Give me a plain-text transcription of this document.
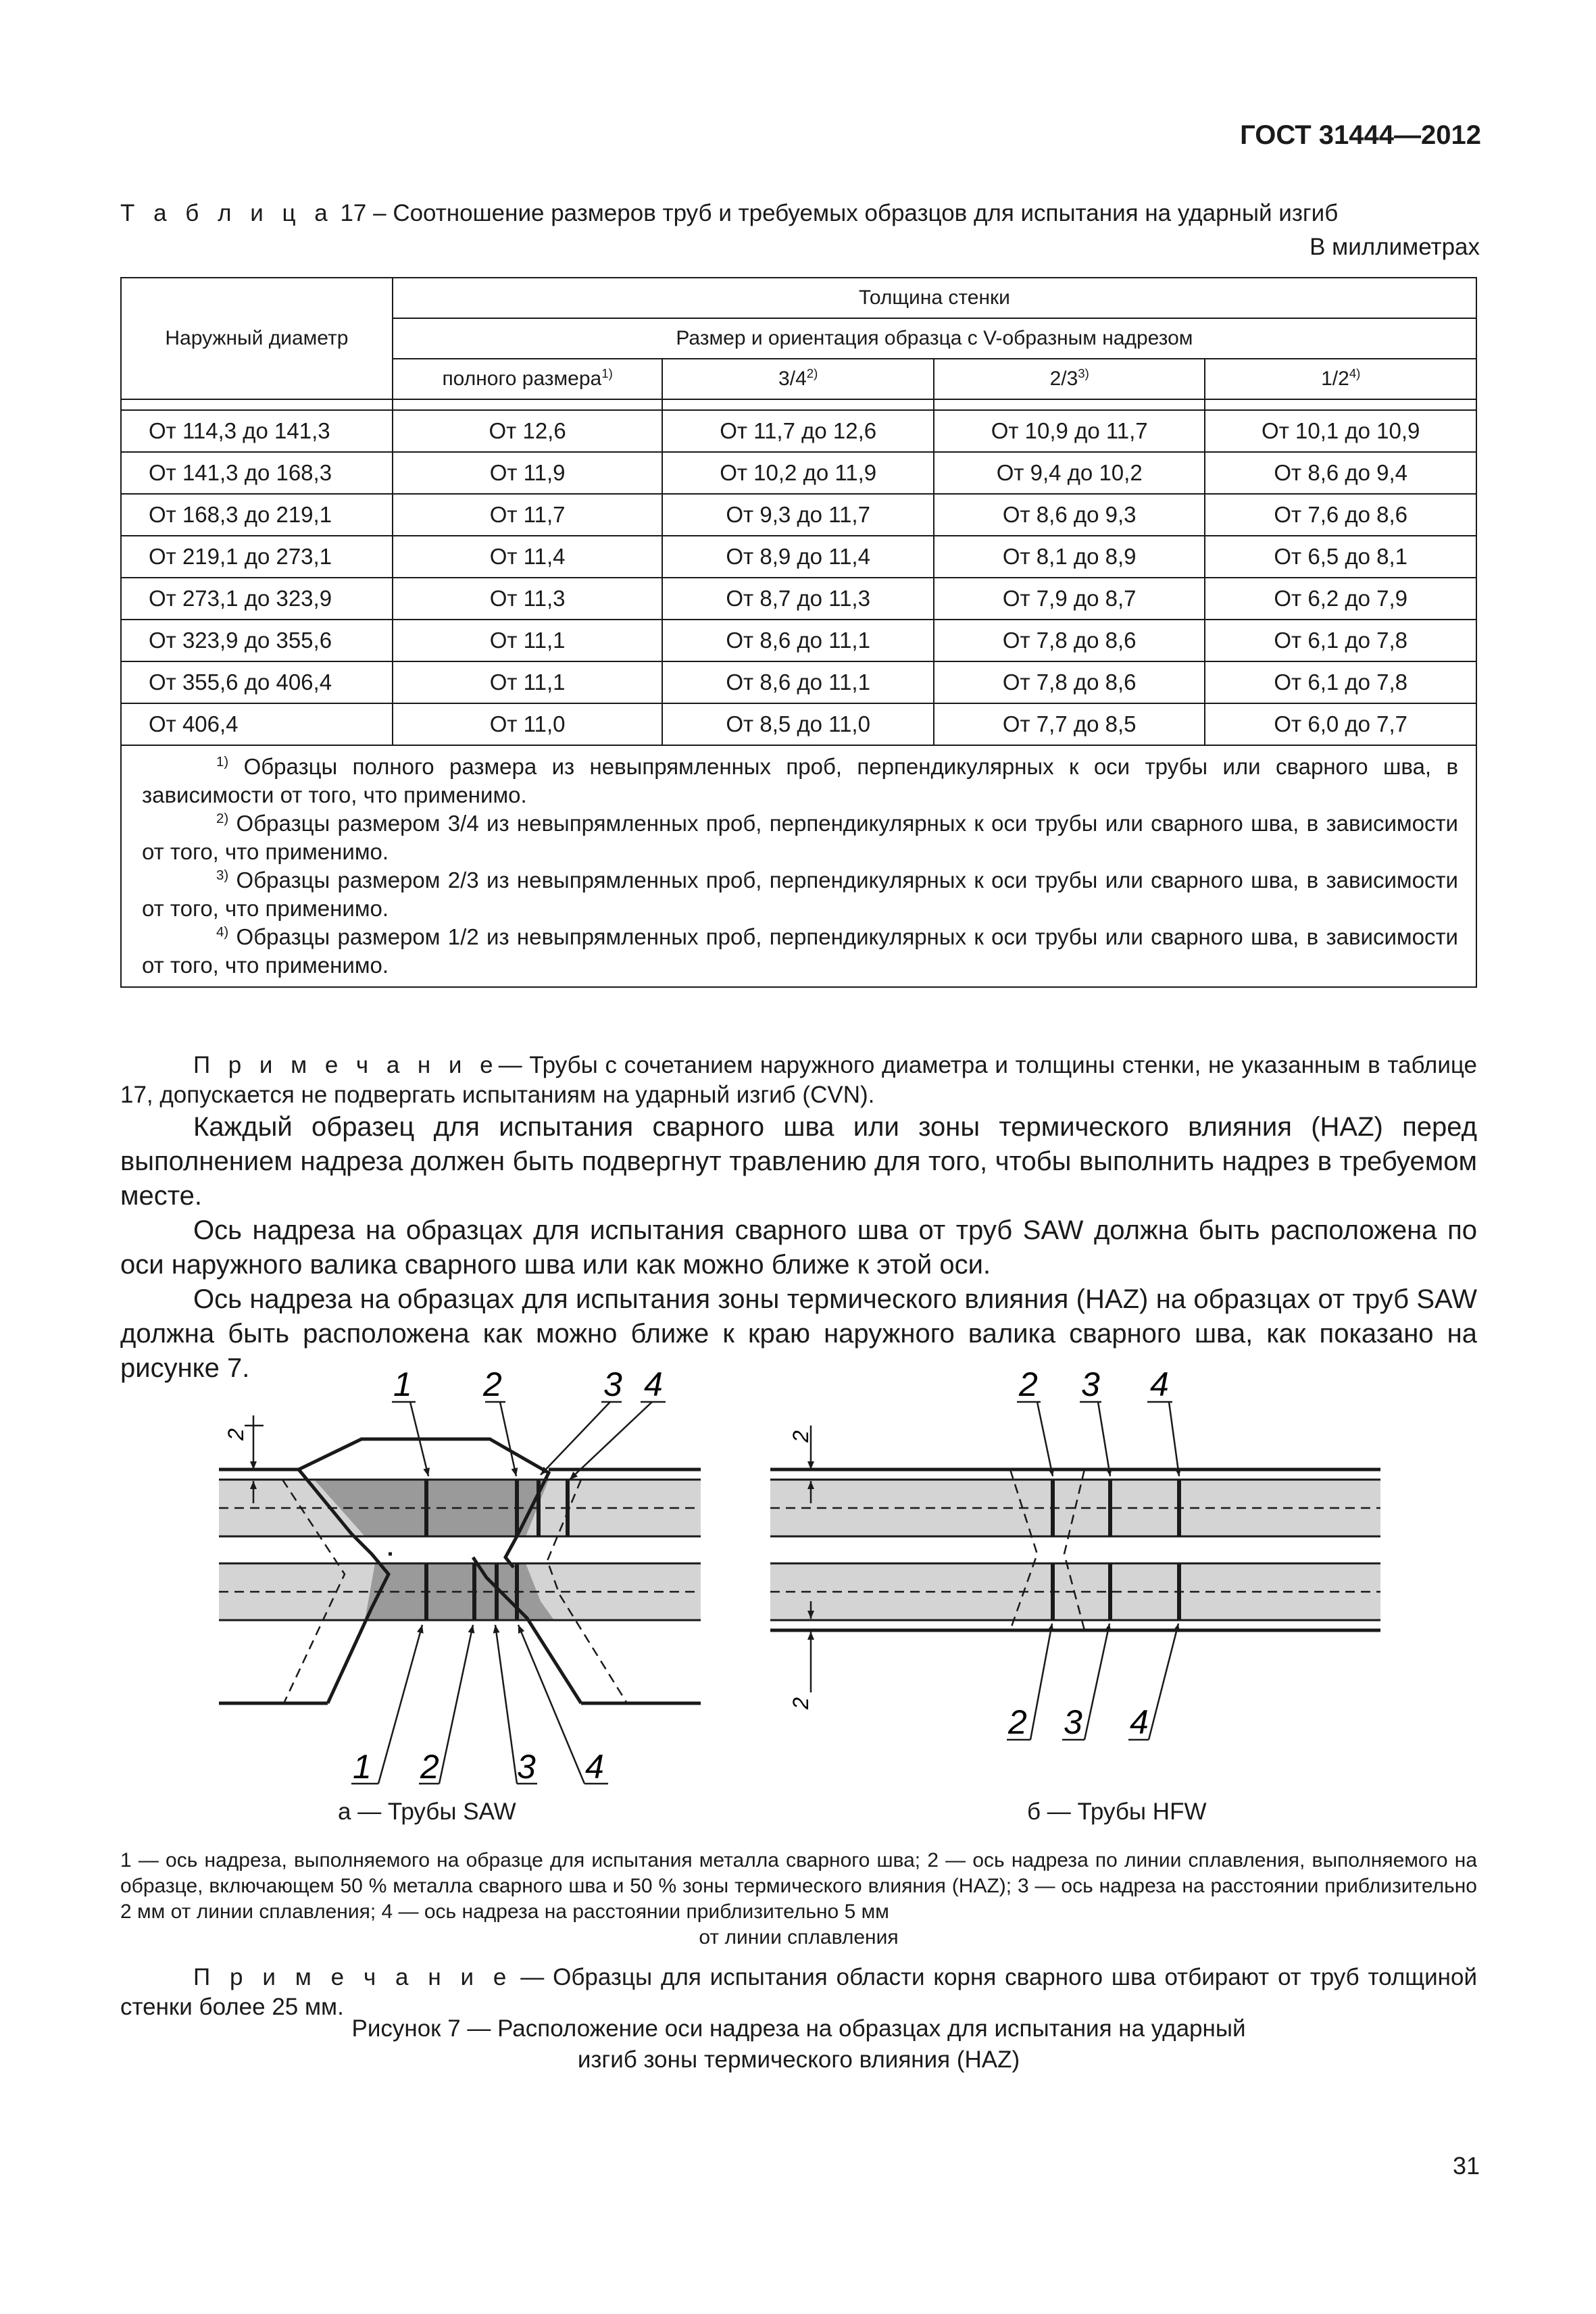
ГОСТ 31444—2012
Т а б л и ц а 17 – Соотношение размеров труб и требуемых образцов для испытания на ударный изгиб
В миллиметрах
Наружный диаметр	Толщина стенки			
	Размер и ориентация образца с V-образным надрезом			
	полного размера$^{1)}$	3/4$^{2)}$	2/3$^{3)}$	1/2$^{4)}$

От 114,3 до 141,3	От 12,6	От 11,7 до 12,6	От 10,9 до 11,7	От 10,1 до 10,9
От 141,3 до 168,3	От 11,9	От 10,2 до 11,9	От 9,4 до 10,2	От 8,6 до 9,4
От 168,3 до 219,1	От 11,7	От 9,3 до 11,7	От 8,6 до 9,3	От 7,6 до 8,6
От 219,1 до 273,1	От 11,4	От 8,9 до 11,4	От 8,1 до 8,9	От 6,5 до 8,1
От 273,1 до 323,9	От 11,3	От 8,7 до 11,3	От 7,9 до 8,7	От 6,2 до 7,9
От 323,9 до 355,6	От 11,1	От 8,6 до 11,1	От 7,8 до 8,6	От 6,1 до 7,8
От 355,6 до 406,4	От 11,1	От 8,6 до 11,1	От 7,8 до 8,6	От 6,1 до 7,8
От 406,4	От 11,0	От 8,5 до 11,0	От 7,7 до 8,5	От 6,0 до 7,7

$^{1)}$ Образцы полного размера из невыпрямленных проб, перпендикулярных к оси трубы или сварного шва, в зависимости от того, что применимо.
$^{2)}$ Образцы размером 3/4 из невыпрямленных проб, перпендикулярных к оси трубы или сварного шва, в зависимости от того, что применимо.
$^{3)}$ Образцы размером 2/3 из невыпрямленных проб, перпендикулярных к оси трубы или сварного шва, в зависимости от того, что применимо.
$^{4)}$ Образцы размером 1/2 из невыпрямленных проб, перпендикулярных к оси трубы или сварного шва, в зависимости от того, что применимо.				
П р и м е ч а н и е— Трубы с сочетанием наружного диаметра и толщины стенки, не указанным в таблице 17, допускается не подвергать испытаниям на ударный изгиб (CVN).
Каждый образец для испытания сварного шва или зоны термического влияния (HAZ) перед выполнением надреза должен быть подвергнут травлению для того, чтобы выполнить надрез в требуемом месте.
Ось надреза на образцах для испытания сварного шва от труб SAW должна быть расположена по оси наружного валика сварного шва или как можно ближе к этой оси.
Ось надреза на образцах для испытания зоны термического влияния (HAZ) на образцах от труб SAW должна быть расположена как можно ближе к краю наружного валика сварного шва, как показано на рисунке 7.	1 2	3 4
1 2 3 4
2
2 3 4
2 3 4
2
2
а — Трубы SAW	б — Трубы HFW
1 — ось надреза, выполняемого на образце для испытания металла сварного шва; 2 — ось надреза по линии сплавления, выполняемого на образце, включающем 50 % металла сварного шва и 50 % зоны термического влияния (HAZ); 3 — ось надреза на расстоянии приблизительно 2 мм от линии сплавления; 4 — ось надреза на расстоянии приблизительно 5 мм
от линии сплавления
П р и м е ч а н и е — Образцы для испытания области корня сварного шва отбирают от труб толщиной стенки более 25 мм.
Рисунок 7 — Расположение оси надреза на образцах для испытания на ударный
изгиб зоны термического влияния (HAZ)
31
